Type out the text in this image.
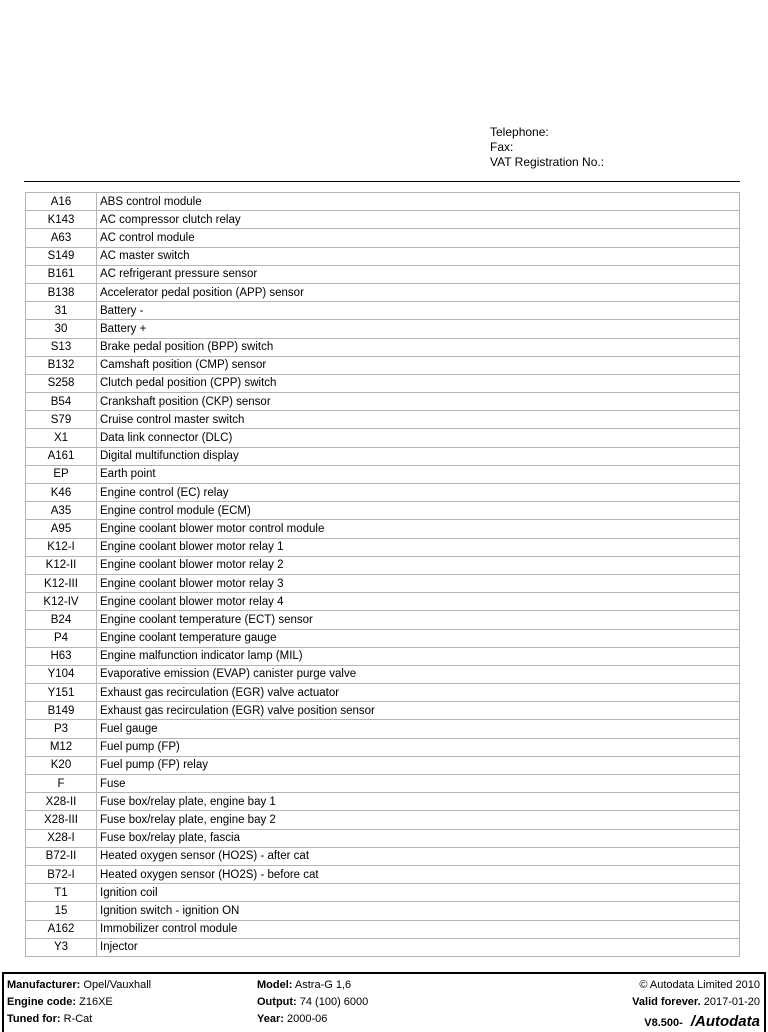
Telephone:
Fax:
VAT Registration No.:
A16	ABS control module
K143	AC compressor clutch relay
A63	AC control module
S149	AC master switch
B161	AC refrigerant pressure sensor
B138	Accelerator pedal position (APP) sensor
31	Battery -
30	Battery +
S13	Brake pedal position (BPP) switch
B132	Camshaft position (CMP) sensor
S258	Clutch pedal position (CPP) switch
B54	Crankshaft position (CKP) sensor
S79	Cruise control master switch
X1	Data link connector (DLC)
A161	Digital multifunction display
EP	Earth point
K46	Engine control (EC) relay
A35	Engine control module (ECM)
A95	Engine coolant blower motor control module
K12-I	Engine coolant blower motor relay 1
K12-II	Engine coolant blower motor relay 2
K12-III	Engine coolant blower motor relay 3
K12-IV	Engine coolant blower motor relay 4
B24	Engine coolant temperature (ECT) sensor
P4	Engine coolant temperature gauge
H63	Engine malfunction indicator lamp (MIL)
Y104	Evaporative emission (EVAP) canister purge valve
Y151	Exhaust gas recirculation (EGR) valve actuator
B149	Exhaust gas recirculation (EGR) valve position sensor
P3	Fuel gauge
M12	Fuel pump (FP)
K20	Fuel pump (FP) relay
F	Fuse
X28-II	Fuse box/relay plate, engine bay 1
X28-III	Fuse box/relay plate, engine bay 2
X28-I	Fuse box/relay plate, fascia
B72-II	Heated oxygen sensor (HO2S) - after cat
B72-I	Heated oxygen sensor (HO2S) - before cat
T1	Ignition coil
15	Ignition switch - ignition ON
A162	Immobilizer control module
Y3	Injector
Manufacturer: Opel/Vauxhall	Model: Astra-G 1,6	© Autodata Limited 2010
Engine code: Z16XE	Output: 74 (100) 6000	Valid forever. 2017-01-20
Tuned for: R-Cat	Year: 2000-06	V8.500- /Autodata
